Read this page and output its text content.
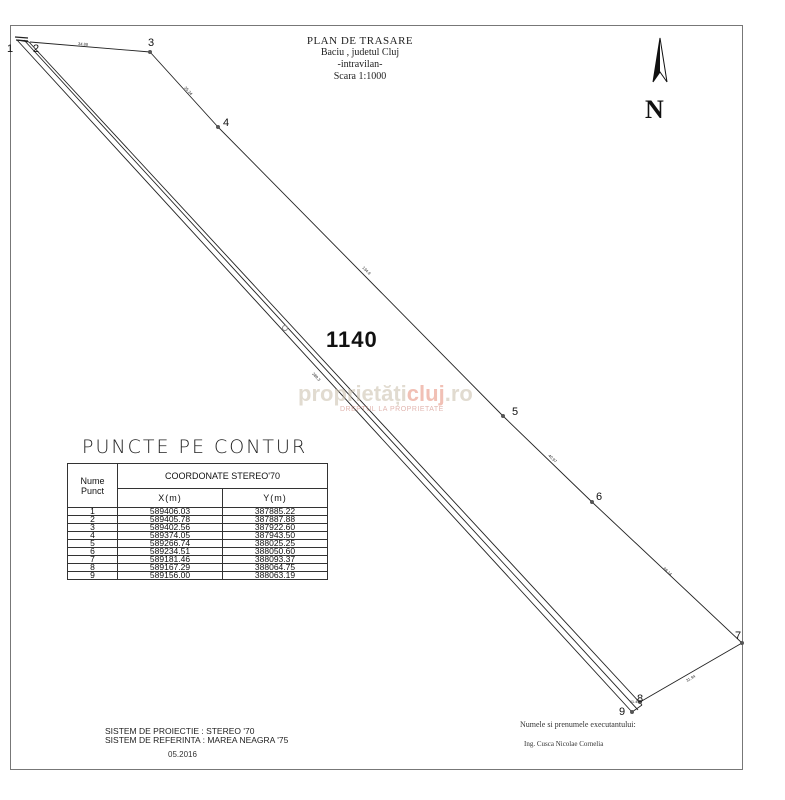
1 2	3
4
5
6
7
8
9
34.88
35.34
134.9
40.97
68.14
31.94
11.40
289.3
PLAN DE TRASARE
Baciu , judetul Cluj
-intravilan-
Scara 1:1000
N
1140
proprietățicluj.ro
DREPTUL LA PROPRIETATE
PUNCTE PE CONTUR
Nume Punct	COORDONATE STEREO'70	
	X(m)	Y(m)
1	589406.03	387885.22
2	589405.78	387887.88
3	589402.56	387922.60
4	589374.05	387943.50
5	589266.74	388025.25
6	589234.51	388050.60
7	589181.46	388093.37
8	589167.29	388064.75
9	589156.00	388063.19
SISTEM DE PROIECTIE : STEREO '70
SISTEM DE REFERINTA : MAREA NEAGRA '75
05.2016
Numele si prenumele executantului:
Ing. Cusca Nicolae Cornelia
